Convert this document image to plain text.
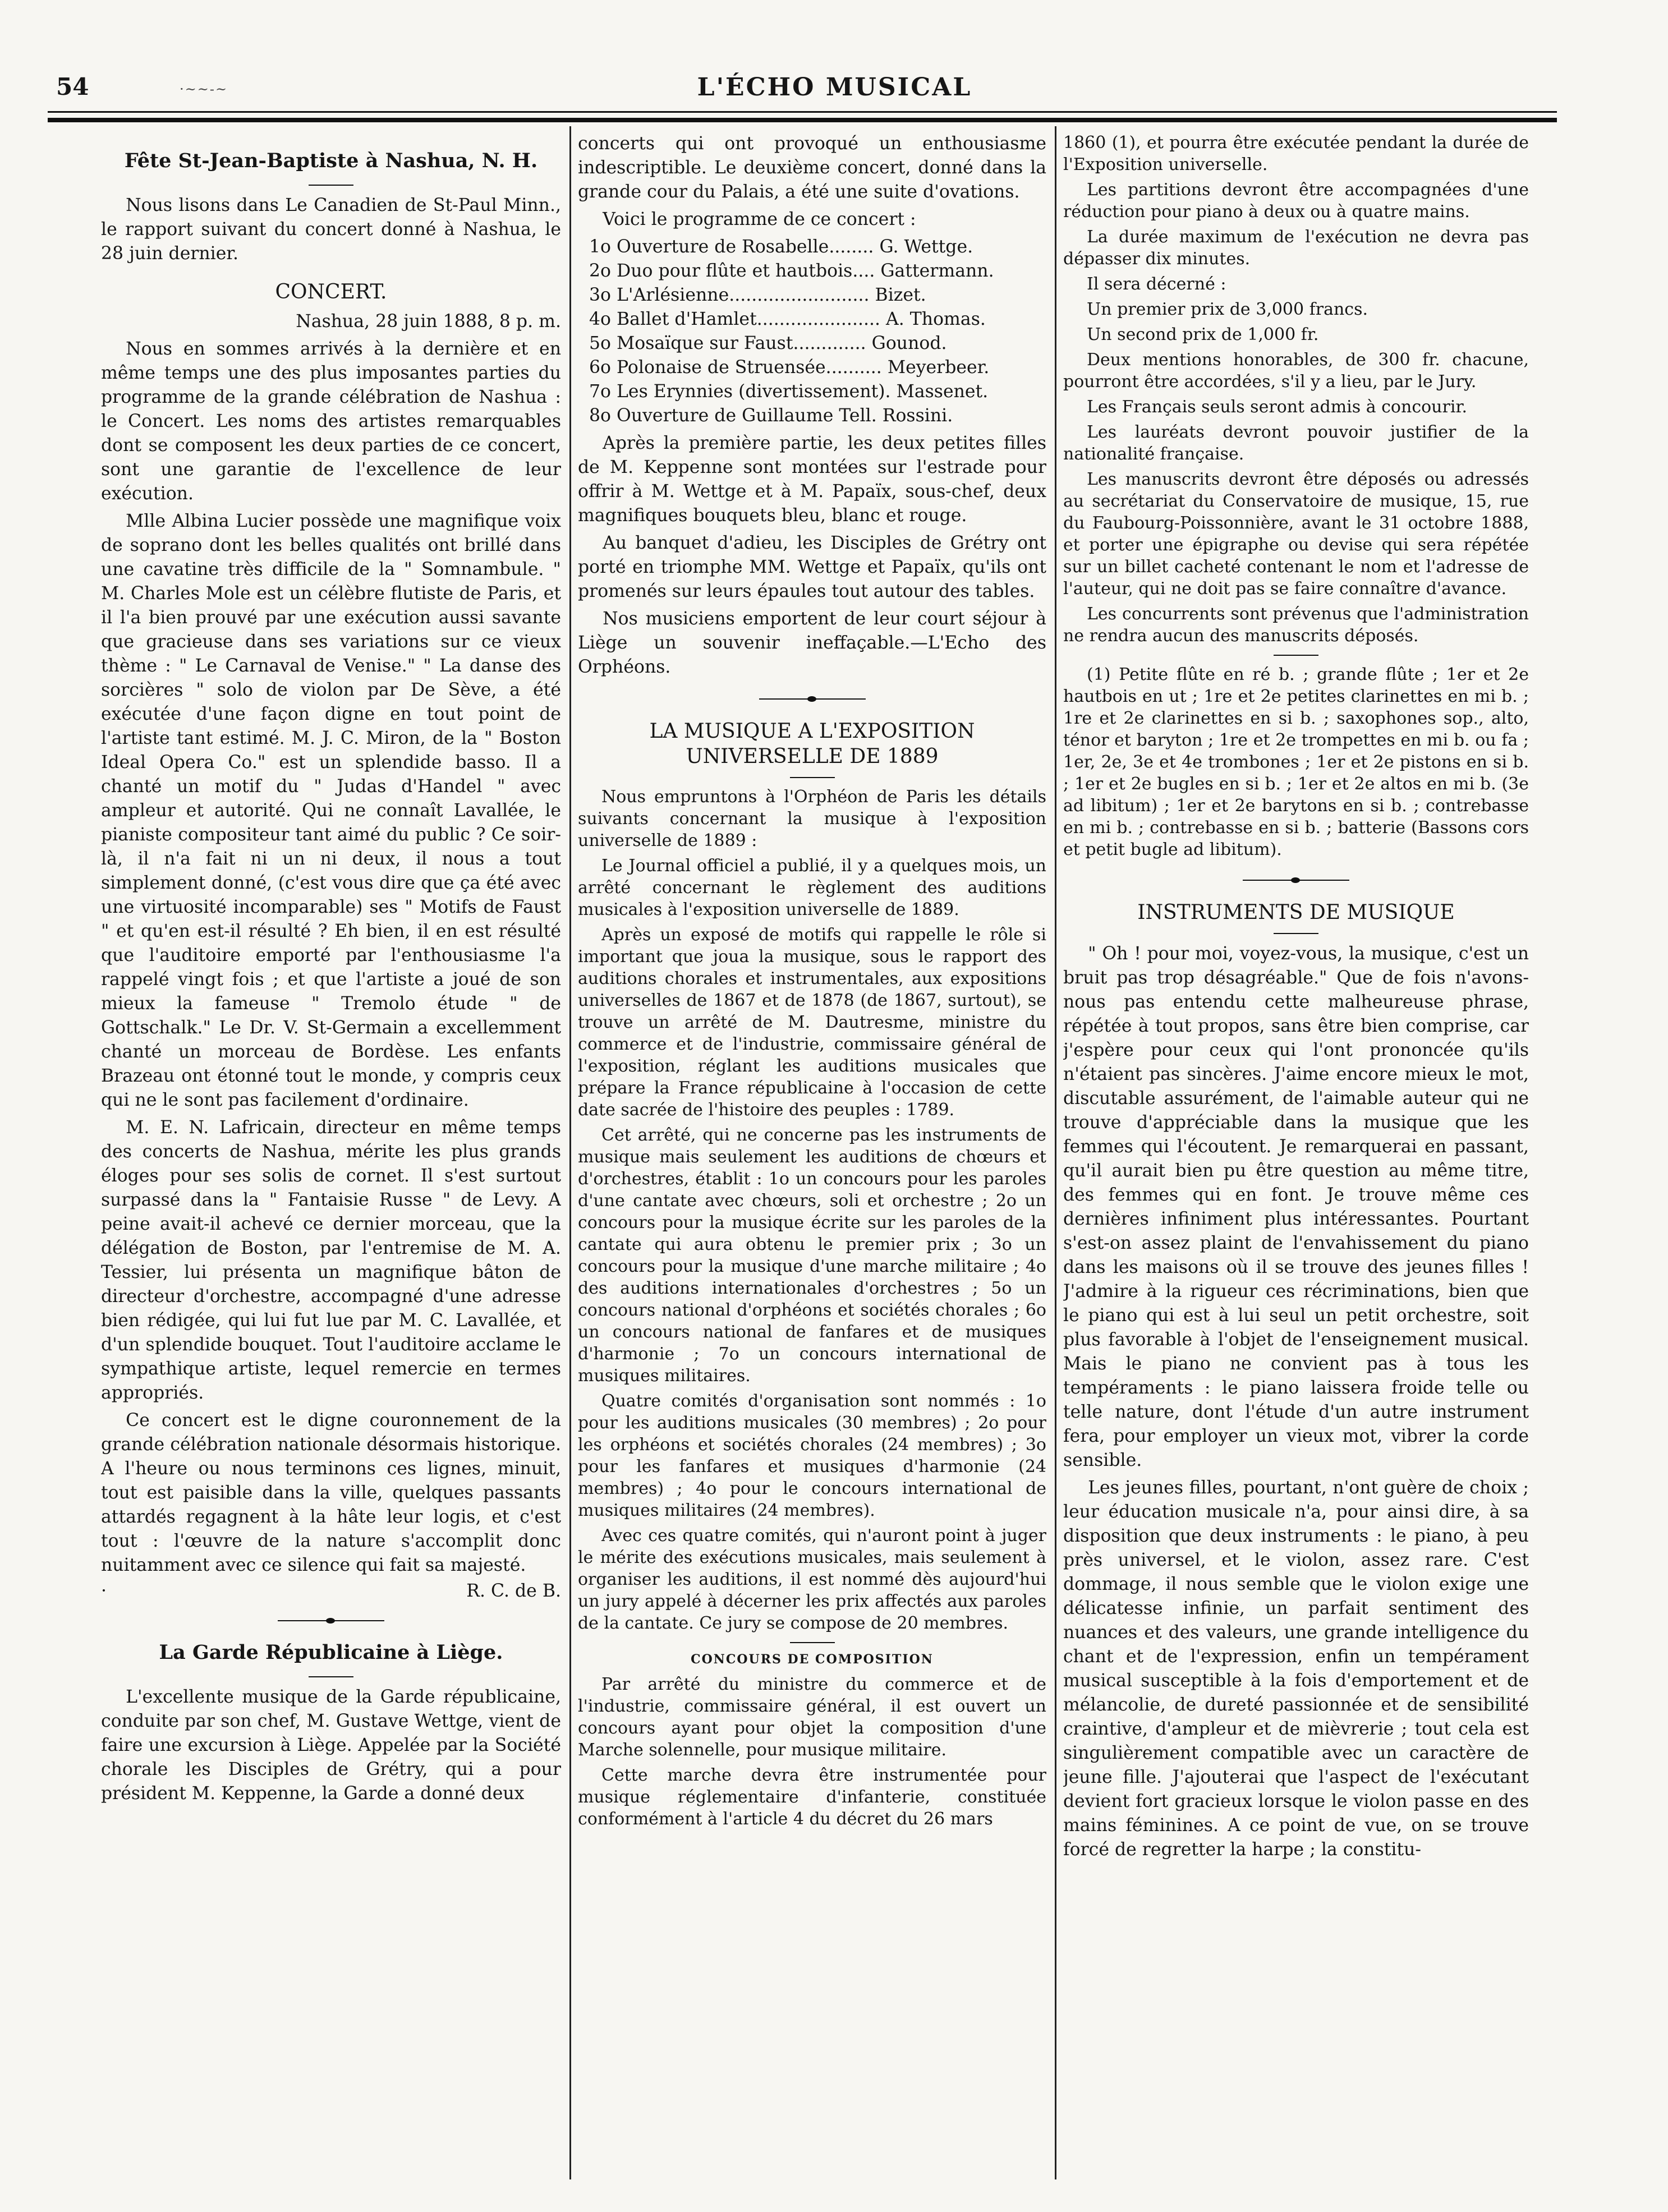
54	L'ÉCHO MUSICAL
·~~-~
Fête St-Jean-Baptiste à Nashua, N. H.

Nous lisons dans Le Canadien de St-Paul Minn., le rapport suivant du concert donné à Nashua, le 28 juin dernier.

CONCERT.
Nashua, 28 juin 1888, 8 p. m.

Nous en sommes arrivés à la dernière et en même temps une des plus imposantes parties du programme de la grande célébration de Nashua : le Concert. Les noms des artistes remarquables dont se composent les deux parties de ce concert, sont une garantie de l'excellence de leur exécution.

Mlle Albina Lucier possède une magnifique voix de soprano dont les belles qualités ont brillé dans une cavatine très difficile de la " Somnambule. " M. Charles Mole est un célèbre flutiste de Paris, et il l'a bien prouvé par une exécution aussi savante que gracieuse dans ses variations sur ce vieux thème : " Le Carnaval de Venise." " La danse des sorcières " solo de violon par De Sève, a été exécutée d'une façon digne en tout point de l'artiste tant estimé. M. J. C. Miron, de la " Boston Ideal Opera Co." est un splendide basso. Il a chanté un motif du " Judas d'Handel " avec ampleur et autorité. Qui ne connaît Lavallée, le pianiste compositeur tant aimé du public ? Ce soir-là, il n'a fait ni un ni deux, il nous a tout simplement donné, (c'est vous dire que ça été avec une virtuosité incomparable) ses " Motifs de Faust " et qu'en est-il résulté ? Eh bien, il en est résulté que l'auditoire emporté par l'enthousiasme l'a rappelé vingt fois ; et que l'artiste a joué de son mieux la fameuse " Tremolo étude " de Gottschalk." Le Dr. V. St-Germain a excellemment chanté un morceau de Bordèse. Les enfants Brazeau ont étonné tout le monde, y compris ceux qui ne le sont pas facilement d'ordinaire.

M. E. N. Lafricain, directeur en même temps des concerts de Nashua, mérite les plus grands éloges pour ses solis de cornet. Il s'est surtout surpassé dans la " Fantaisie Russe " de Levy. A peine avait-il achevé ce dernier morceau, que la délégation de Boston, par l'entremise de M. A. Tessier, lui présenta un magnifique bâton de directeur d'orchestre, accompagné d'une adresse bien rédigée, qui lui fut lue par M. C. Lavallée, et d'un splendide bouquet. Tout l'auditoire acclame le sympathique artiste, lequel remercie en termes appropriés.

Ce concert est le digne couronnement de la grande célébration nationale désormais historique. A l'heure ou nous terminons ces lignes, minuit, tout est paisible dans la ville, quelques passants attardés regagnent à la hâte leur logis, et c'est tout : l'œuvre de la nature s'accomplit donc nuitamment avec ce silence qui fait sa majesté.

·	R. C. de B.
La Garde Républicaine à Liège.

L'excellente musique de la Garde républicaine, conduite par son chef, M. Gustave Wettge, vient de faire une excursion à Liège. Appelée par la Société chorale les Disciples de Grétry, qui a pour président M. Keppenne, la Garde a donné deux

concerts qui ont provoqué un enthousiasme indescriptible. Le deuxième concert, donné dans la grande cour du Palais, a été une suite d'ovations.

Voici le programme de ce concert :

1o Ouverture de Rosabelle........ G. Wettge.
2o Duo pour flûte et hautbois.... Gattermann.
3o L'Arlésienne......................... Bizet.
4o Ballet d'Hamlet...................... A. Thomas.
5o Mosaïque sur Faust............. Gounod.
6o Polonaise de Struensée.......... Meyerbeer.
7o Les Erynnies (divertissement). Massenet.
8o Ouverture de Guillaume Tell. Rossini.

Après la première partie, les deux petites filles de M. Keppenne sont montées sur l'estrade pour offrir à M. Wettge et à M. Papaïx, sous-chef, deux magnifiques bouquets bleu, blanc et rouge.

Au banquet d'adieu, les Disciples de Grétry ont porté en triomphe MM. Wettge et Papaïx, qu'ils ont promenés sur leurs épaules tout autour des tables.

Nos musiciens emportent de leur court séjour à Liège un souvenir ineffaçable.—L'Echo des Orphéons.

LA MUSIQUE A L'EXPOSITION UNIVERSELLE DE 1889

Nous empruntons à l'Orphéon de Paris les détails suivants concernant la musique à l'exposition universelle de 1889 :

Le Journal officiel a publié, il y a quelques mois, un arrêté concernant le règlement des auditions musicales à l'exposition universelle de 1889.

Après un exposé de motifs qui rappelle le rôle si important que joua la musique, sous le rapport des auditions chorales et instrumentales, aux expositions universelles de 1867 et de 1878 (de 1867, surtout), se trouve un arrêté de M. Dautresme, ministre du commerce et de l'industrie, commissaire général de l'exposition, réglant les auditions musicales que prépare la France républicaine à l'occasion de cette date sacrée de l'histoire des peuples : 1789.

Cet arrêté, qui ne concerne pas les instruments de musique mais seulement les auditions de chœurs et d'orchestres, établit : 1o un concours pour les paroles d'une cantate avec chœurs, soli et orchestre ; 2o un concours pour la musique écrite sur les paroles de la cantate qui aura obtenu le premier prix ; 3o un concours pour la musique d'une marche militaire ; 4o des auditions internationales d'orchestres ; 5o un concours national d'orphéons et sociétés chorales ; 6o un concours national de fanfares et de musiques d'harmonie ; 7o un concours international de musiques militaires.

Quatre comités d'organisation sont nommés : 1o pour les auditions musicales (30 membres) ; 2o pour les orphéons et sociétés chorales (24 membres) ; 3o pour les fanfares et musiques d'harmonie (24 membres) ; 4o pour le concours international de musiques militaires (24 membres).

Avec ces quatre comités, qui n'auront point à juger le mérite des exécutions musicales, mais seulement à organiser les auditions, il est nommé dès aujourd'hui un jury appelé à décerner les prix affectés aux paroles de la cantate. Ce jury se compose de 20 membres.

CONCOURS DE COMPOSITION

Par arrêté du ministre du commerce et de l'industrie, commissaire général, il est ouvert un concours ayant pour objet la composition d'une Marche solennelle, pour musique militaire.

Cette marche devra être instrumentée pour musique réglementaire d'infanterie, constituée conformément à l'article 4 du décret du 26 mars

1860 (1), et pourra être exécutée pendant la durée de l'Exposition universelle.

Les partitions devront être accompagnées d'une réduction pour piano à deux ou à quatre mains.

La durée maximum de l'exécution ne devra pas dépasser dix minutes.

Il sera décerné :

Un premier prix de 3,000 francs.

Un second prix de 1,000 fr.

Deux mentions honorables, de 300 fr. chacune, pourront être accordées, s'il y a lieu, par le Jury.

Les Français seuls seront admis à concourir.

Les lauréats devront pouvoir justifier de la nationalité française.

Les manuscrits devront être déposés ou adressés au secrétariat du Conservatoire de musique, 15, rue du Faubourg-Poissonnière, avant le 31 octobre 1888, et porter une épigraphe ou devise qui sera répétée sur un billet cacheté contenant le nom et l'adresse de l'auteur, qui ne doit pas se faire connaître d'avance.

Les concurrents sont prévenus que l'administration ne rendra aucun des manuscrits déposés.

(1) Petite flûte en ré b. ; grande flûte ; 1er et 2e hautbois en ut ; 1re et 2e petites clarinettes en mi b. ; 1re et 2e clarinettes en si b. ; saxophones sop., alto, ténor et baryton ; 1re et 2e trompettes en mi b. ou fa ; 1er, 2e, 3e et 4e trombones ; 1er et 2e pistons en si b. ; 1er et 2e bugles en si b. ; 1er et 2e altos en mi b. (3e ad libitum) ; 1er et 2e barytons en si b. ; contrebasse en mi b. ; contrebasse en si b. ; batterie (Bassons cors et petit bugle ad libitum).

INSTRUMENTS DE MUSIQUE

" Oh ! pour moi, voyez-vous, la musique, c'est un bruit pas trop désagréable." Que de fois n'avons-nous pas entendu cette malheureuse phrase, répétée à tout propos, sans être bien comprise, car j'espère pour ceux qui l'ont prononcée qu'ils n'étaient pas sincères. J'aime encore mieux le mot, discutable assurément, de l'aimable auteur qui ne trouve d'appréciable dans la musique que les femmes qui l'écoutent. Je remarquerai en passant, qu'il aurait bien pu être question au même titre, des femmes qui en font. Je trouve même ces dernières infiniment plus intéressantes. Pourtant s'est-on assez plaint de l'envahissement du piano dans les maisons où il se trouve des jeunes filles ! J'admire à la rigueur ces récriminations, bien que le piano qui est à lui seul un petit orchestre, soit plus favorable à l'objet de l'enseignement musical. Mais le piano ne convient pas à tous les tempéraments : le piano laissera froide telle ou telle nature, dont l'étude d'un autre instrument fera, pour employer un vieux mot, vibrer la corde sensible.

Les jeunes filles, pourtant, n'ont guère de choix ; leur éducation musicale n'a, pour ainsi dire, à sa disposition que deux instruments : le piano, à peu près universel, et le violon, assez rare. C'est dommage, il nous semble que le violon exige une délicatesse infinie, un parfait sentiment des nuances et des valeurs, une grande intelligence du chant et de l'expression, enfin un tempérament musical susceptible à la fois d'emportement et de mélancolie, de dureté passionnée et de sensibilité craintive, d'ampleur et de mièvrerie ; tout cela est singulièrement compatible avec un caractère de jeune fille. J'ajouterai que l'aspect de l'exécutant devient fort gracieux lorsque le violon passe en des mains féminines. A ce point de vue, on se trouve forcé de regretter la harpe ; la constitu-
